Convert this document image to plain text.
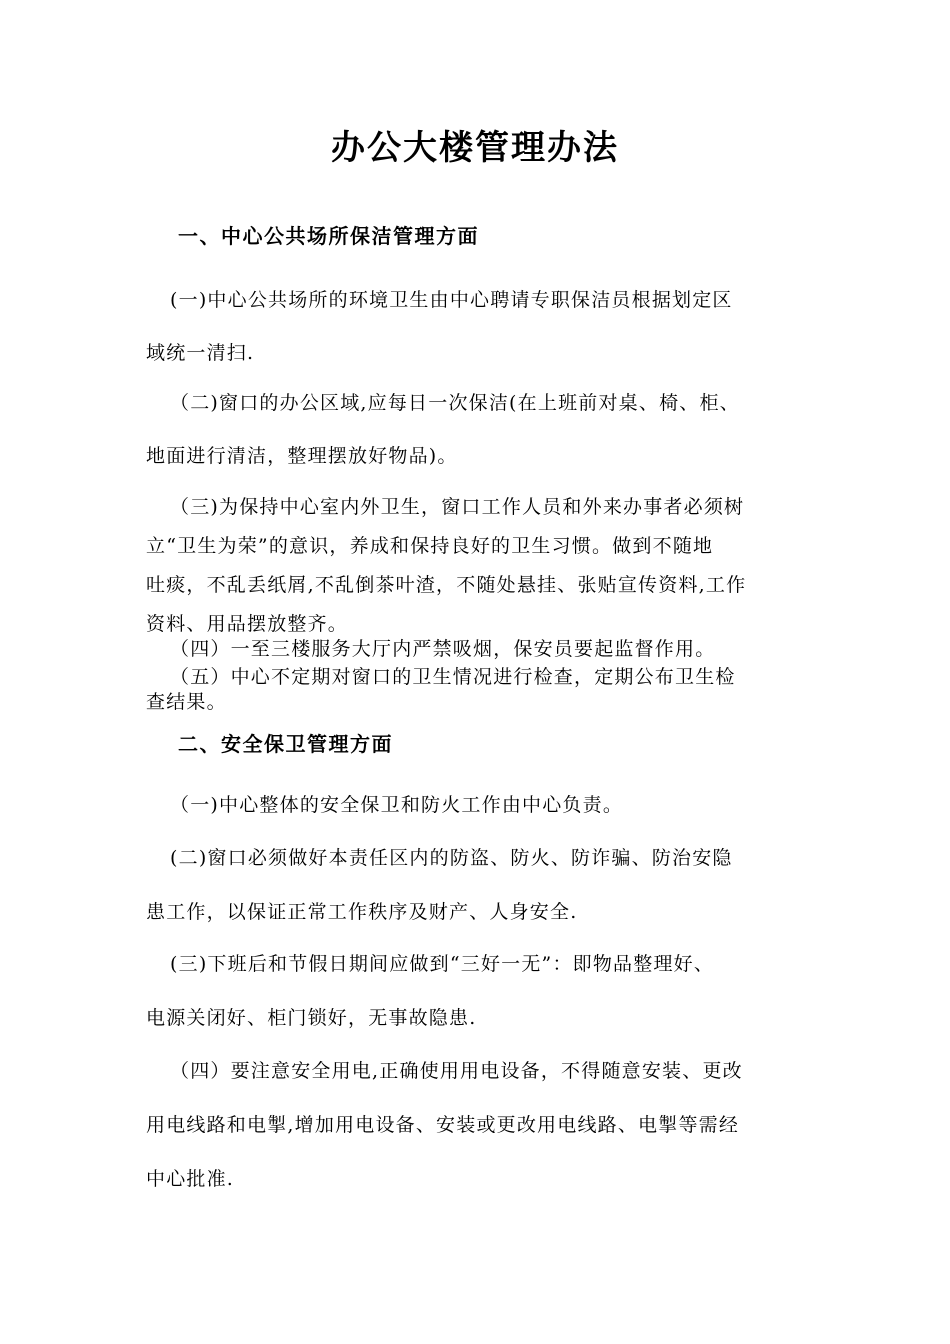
办公大楼管理办法
一、中心公共场所保洁管理方面
(一)中心公共场所的环境卫生由中心聘请专职保洁员根据划定区
域统一清扫.
（二)窗口的办公区域,应每日一次保洁(在上班前对桌、椅、柜、
地面进行清洁，整理摆放好物品)。
（三)为保持中心室内外卫生，窗口工作人员和外来办事者必须树
立“卫生为荣”的意识，养成和保持良好的卫生习惯。做到不随地
吐痰，不乱丢纸屑,不乱倒茶叶渣，不随处悬挂、张贴宣传资料,工作
资料、用品摆放整齐。
（四）一至三楼服务大厅内严禁吸烟，保安员要起监督作用。
（五）中心不定期对窗口的卫生情况进行检查，定期公布卫生检
查结果。
二、安全保卫管理方面
（一)中心整体的安全保卫和防火工作由中心负责。
(二)窗口必须做好本责任区内的防盗、防火、防诈骗、防治安隐
患工作，以保证正常工作秩序及财产、人身安全.
(三)下班后和节假日期间应做到“三好一无”：即物品整理好、
电源关闭好、柜门锁好，无事故隐患.
（四）要注意安全用电,正确使用用电设备，不得随意安装、更改
用电线路和电掣,增加用电设备、安装或更改用电线路、电掣等需经
中心批准.
